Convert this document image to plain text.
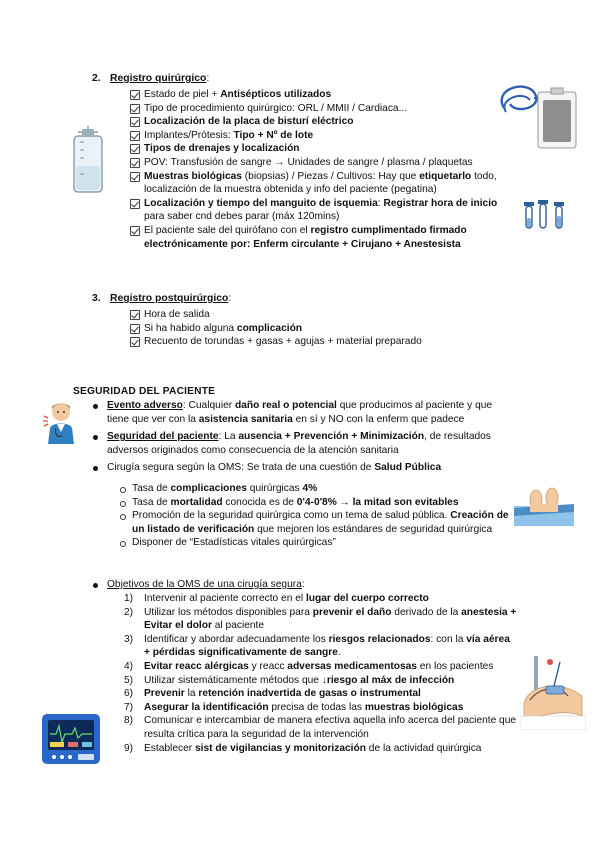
2. Registro quirúrgico:
Estado de piel + Antisépticos utilizados
Tipo de procedimiento quirúrgico: ORL / MMII / Cardiaca...
Localización de la placa de bisturí eléctrico
Implantes/Prótesis: Tipo + Nº de lote
Tipos de drenajes y localización
POV: Transfusión de sangre → Unidades de sangre / plasma / plaquetas
Muestras biológicas (biopsias) / Piezas / Cultivos: Hay que etiquetarlo todo, localización de la muestra obtenida y info del paciente (pegatina)
Localización y tiempo del manguito de isquemia: Registrar hora de inicio para saber cnd debes parar (máx 120mins)
El paciente sale del quirófano con el registro cumplimentado firmado electrónicamente por: Enferm circulante + Cirujano + Anestesista
3. Registro postquirúrgico:
Hora de salida
Si ha habido alguna complicación
Recuento de torundas + gasas + agujas + material preparado
SEGURIDAD DEL PACIENTE
Evento adverso: Cualquier daño real o potencial que producimos al paciente y que tiene que ver con la asistencia sanitaria en sí y NO con la enferm que padece
Seguridad del paciente: La ausencia + Prevención + Minimización, de resultados adversos originados como consecuencia de la atención sanitaria
Cirugía segura según la OMS: Se trata de una cuestión de Salud Pública
Tasa de complicaciones quirúrgicas 4%
Tasa de mortalidad conocida es de 0'4-0'8% → la mitad son evitables
Promoción de la seguridad quirúrgica como un tema de salud pública. Creación de un listado de verificación que mejoren los estándares de seguridad quirúrgica
Disponer de “Estadísticas vitales quirúrgicas”
Objetivos de la OMS de una cirugía segura:
1) Intervenir al paciente correcto en el lugar del cuerpo correcto
2) Utilizar los métodos disponibles para prevenir el daño derivado de la anestesia + Evitar el dolor al paciente
3) Identificar y abordar adecuadamente los riesgos relacionados: con la vía aérea + pérdidas significativamente de sangre.
4) Evitar reacc alérgicas y reacc adversas medicamentosas en los pacientes
5) Utilizar sistemáticamente métodos que ↓riesgo al máx de infección
6) Prevenir la retención inadvertida de gasas o instrumental
7) Asegurar la identificación precisa de todas las muestras biológicas
8) Comunicar e intercambiar de manera efectiva aquella info acerca del paciente que resulta crítica para la seguridad de la intervención
9) Establecer sist de vigilancias y monitorización de la actividad quirúrgica
